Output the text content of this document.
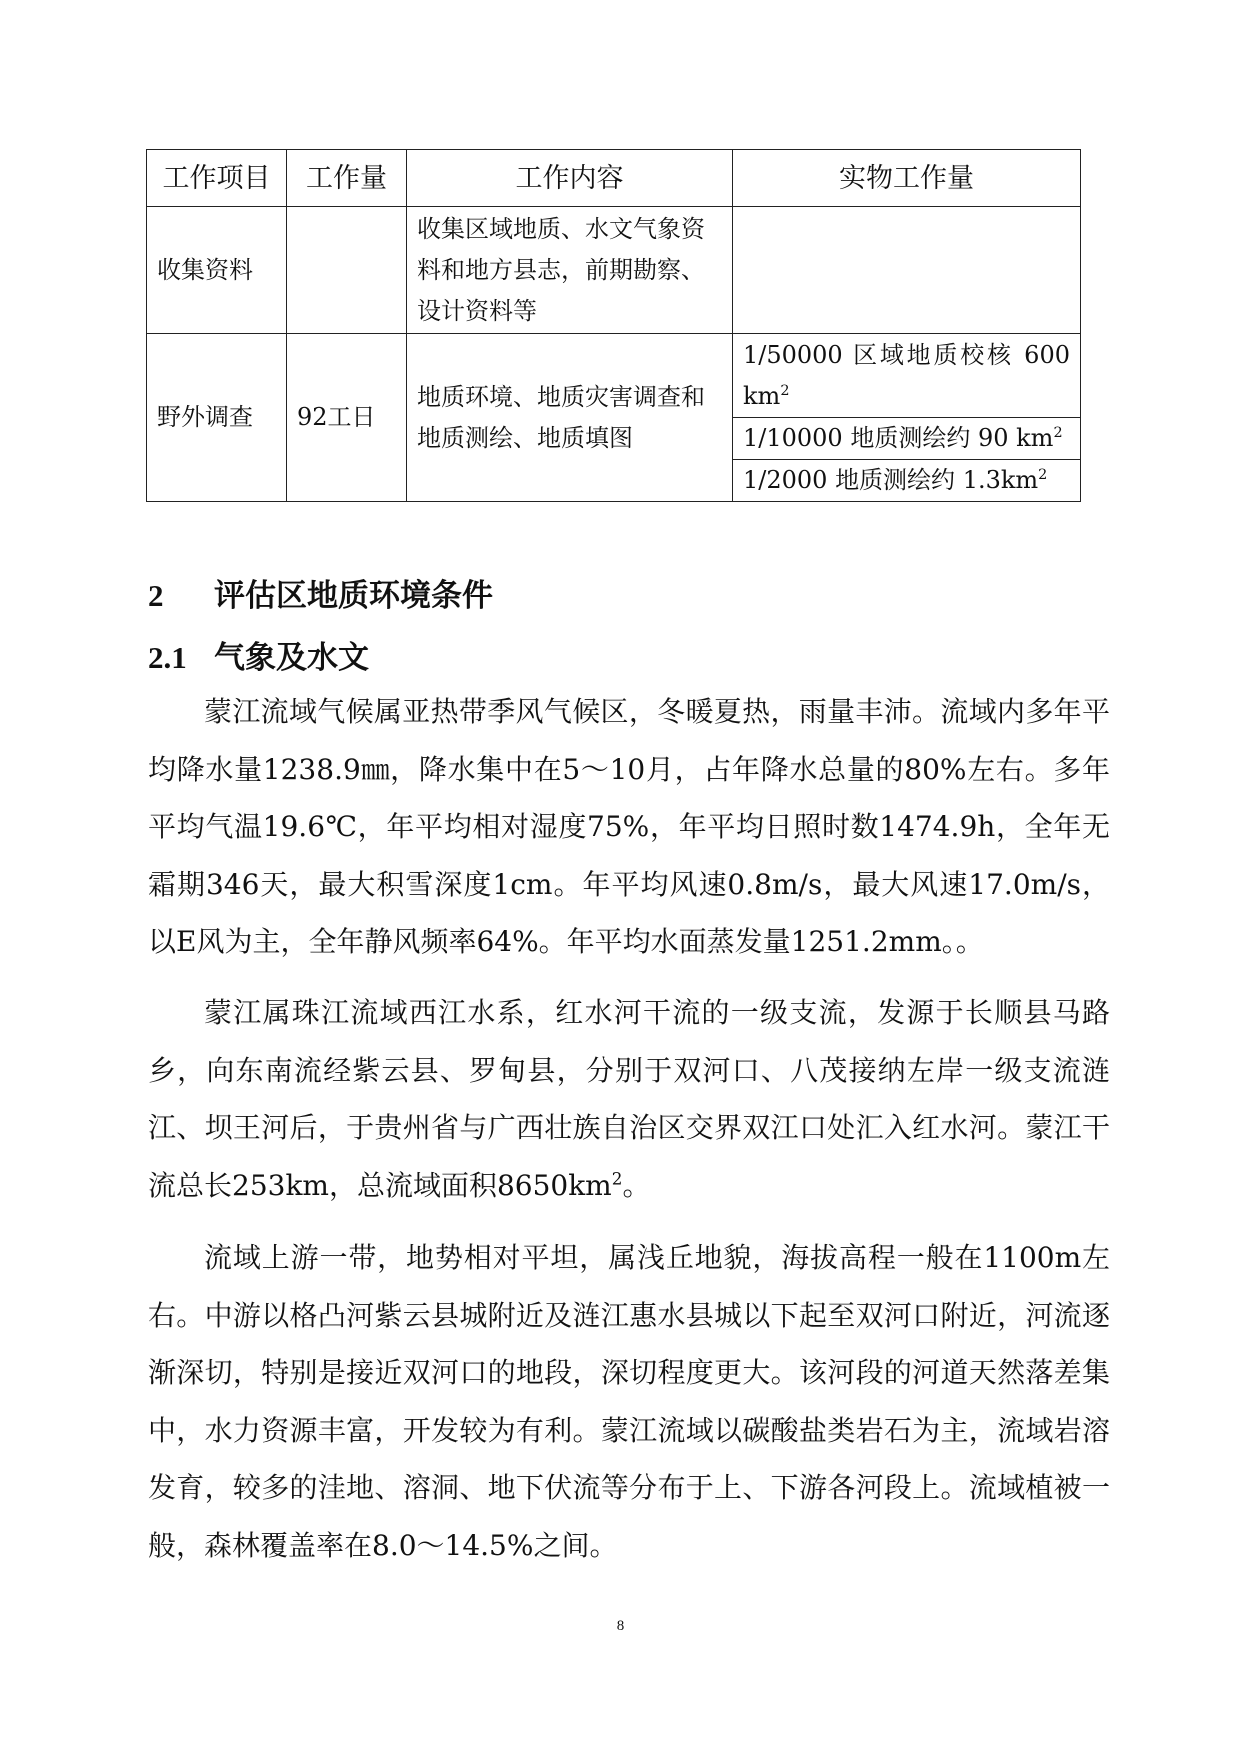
工作项目	工作量	工作内容	实物工作量
收集资料		收集区域地质、水文气象资料和地方县志，前期勘察、设计资料等	
野外调查	92工日	地质环境、地质灾害调查和地质测绘、地质填图	1/50000 区域地质校核 600 $km^2$
			1/10000 地质测绘约 90 $km^2$
			1/2000 地质测绘约 $1.3km^2$
2 评估区地质环境条件
2.1 气象及水文

蒙江流域气候属亚热带季风气候区，冬暖夏热，雨量丰沛。流域内多年平均降水量1238.9㎜，降水集中在5～10月，占年降水总量的80%左右。多年平均气温19.6℃，年平均相对湿度75%，年平均日照时数1474.9h，全年无霜期346天，最大积雪深度1cm。年平均风速0.8m/s，最大风速17.0m/s，以E风为主，全年静风频率64%。年平均水面蒸发量1251.2mm。。

蒙江属珠江流域西江水系，红水河干流的一级支流，发源于长顺县马路乡，向东南流经紫云县、罗甸县，分别于双河口、八茂接纳左岸一级支流涟江、坝王河后，于贵州省与广西壮族自治区交界双江口处汇入红水河。蒙江干流总长253km，总流域面积$8650km^2$。

流域上游一带，地势相对平坦，属浅丘地貌，海拔高程一般在1100m左右。中游以格凸河紫云县城附近及涟江惠水县城以下起至双河口附近，河流逐渐深切，特别是接近双河口的地段，深切程度更大。该河段的河道天然落差集中，水力资源丰富，开发较为有利。蒙江流域以碳酸盐类岩石为主，流域岩溶发育，较多的洼地、溶洞、地下伏流等分布于上、下游各河段上。流域植被一般，森林覆盖率在8.0～14.5%之间。

8
